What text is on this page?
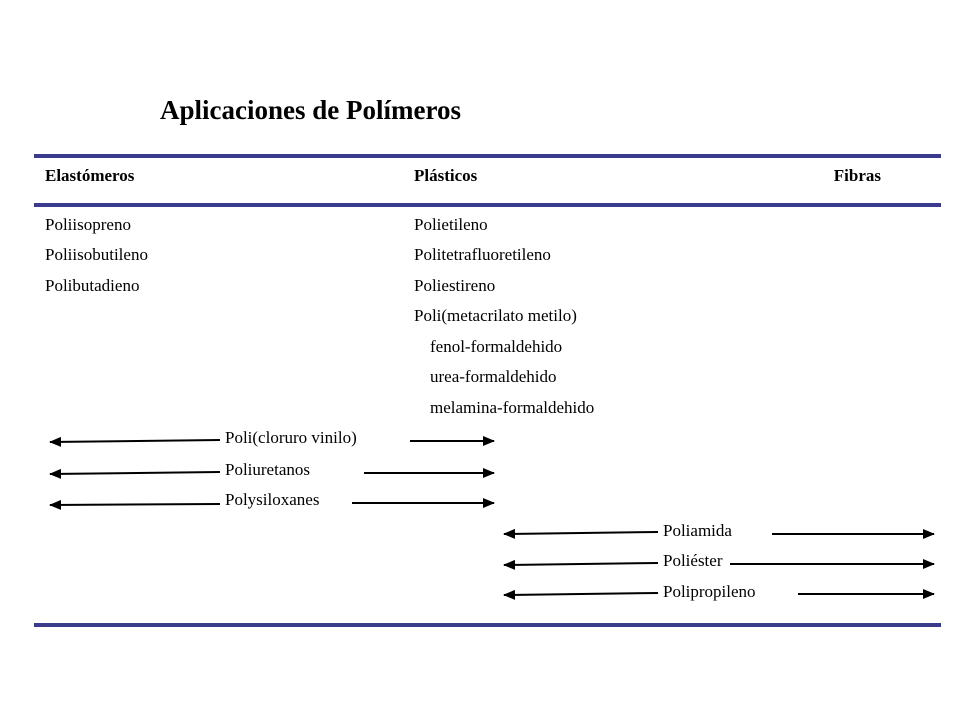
Aplicaciones de Polímeros
Elastómeros	Plásticos	Fibras
Poliisopreno
Poliisobutileno
Polibutadieno
Polietileno
Politetrafluoretileno
Poliestireno
Poli(metacrilato metilo)
fenol-formaldehido
urea-formaldehido
melamina-formaldehido
Poli(cloruro vinilo)
Poliuretanos
Polysiloxanes
Poliamida
Poliéster
Polipropileno
